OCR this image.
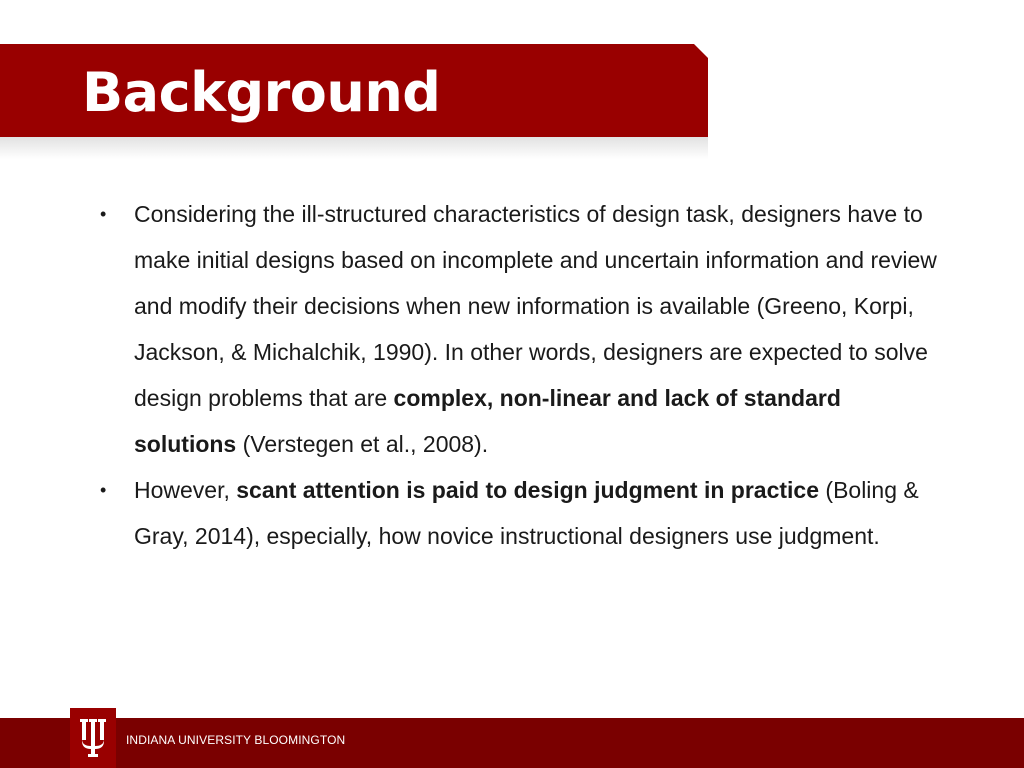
Background
• Considering the ill-structured characteristics of design task, designers have to make initial designs based on incomplete and uncertain information and review and modify their decisions when new information is available (Greeno, Korpi, Jackson, & Michalchik, 1990). In other words, designers are expected to solve design problems that are complex, non-linear and lack of standard solutions (Verstegen et al., 2008).
• However, scant attention is paid to design judgment in practice (Boling & Gray, 2014), especially, how novice instructional designers use judgment.
INDIANA UNIVERSITY BLOOMINGTON
